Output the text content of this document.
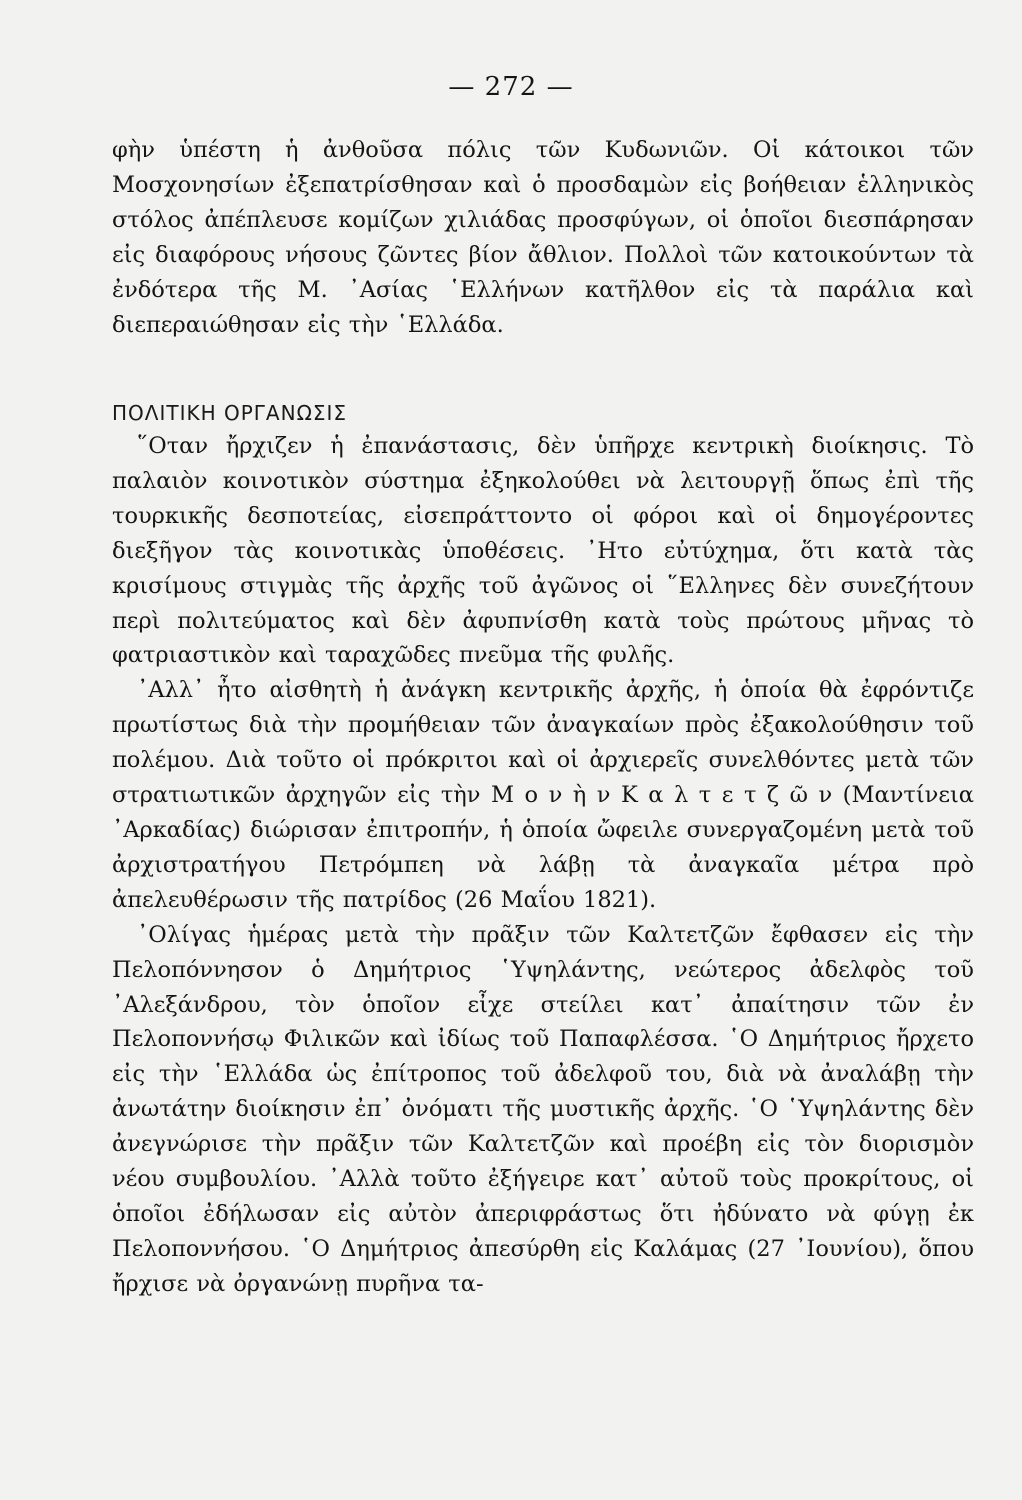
— 272 —

φὴν ὑπέστη ἡ ἀνθοῦσα πόλις τῶν Κυδωνιῶν. Οἱ κάτοικοι τῶν Μοσχονησίων ἐξεπατρίσθησαν καὶ ὁ προσδαμὼν εἰς βοήθειαν ἑλληνικὸς στόλος ἀπέπλευσε κομίζων χιλιάδας προσφύγων, οἱ ὁποῖοι διεσπάρησαν εἰς διαφόρους νήσους ζῶντες βίον ἄθλιον. Πολλοὶ τῶν κατοικούντων τὰ ἐνδότερα τῆς Μ. ᾿Ασίας ῾Ελλήνων κατῆλθον εἰς τὰ παράλια καὶ διεπεραιώθησαν εἰς τὴν ῾Ελλάδα.

ΠΟΛΙΤΙΚΗ ΟΡΓΑΝΩΣΙΣ

῞Οταν ἤρχιζεν ἡ ἐπανάστασις, δὲν ὑπῆρχε κεντρικὴ διοίκησις. Τὸ παλαιὸν κοινοτικὸν σύστημα ἐξηκολούθει νὰ λειτουργῇ ὅπως ἐπὶ τῆς τουρκικῆς δεσποτείας, εἰσεπράττοντο οἱ φόροι καὶ οἱ δημογέροντες διεξῆγον τὰς κοινοτικὰς ὑποθέσεις. ᾿Ητο εὐτύχημα, ὅτι κατὰ τὰς κρισίμους στιγμὰς τῆς ἀρχῆς τοῦ ἀγῶνος οἱ ῞Ελληνες δὲν συνεζήτουν περὶ πολιτεύματος καὶ δὲν ἀφυπνίσθη κατὰ τοὺς πρώτους μῆνας τὸ φατριαστικὸν καὶ ταραχῶδες πνεῦμα τῆς φυλῆς.

᾿Αλλ᾿ ἦτο αἰσθητὴ ἡ ἀνάγκη κεντρικῆς ἀρχῆς, ἡ ὁποία θὰ ἐφρόντιζε πρωτίστως διὰ τὴν προμήθειαν τῶν ἀναγκαίων πρὸς ἐξακολούθησιν τοῦ πολέμου. Διὰ τοῦτο οἱ πρόκριτοι καὶ οἱ ἀρχιερεῖς συνελθόντες μετὰ τῶν στρατιωτικῶν ἀρχηγῶν εἰς τὴν Μ ο ν ὴ ν Κ α λ τ ε τ ζ ῶ ν (Μαντίνεια ᾿Αρκαδίας) διώρισαν ἐπιτροπήν, ἡ ὁποία ὤφειλε συνεργαζομένη μετὰ τοῦ ἀρχιστρατήγου Πετρόμπεη νὰ λάβῃ τὰ ἀναγκαῖα μέτρα πρὸ ἀπελευθέρωσιν τῆς πατρίδος (26 Μαΐου 1821).

᾿Ολίγας ἡμέρας μετὰ τὴν πρᾶξιν τῶν Καλτετζῶν ἔφθασεν εἰς τὴν Πελοπόννησον ὁ Δημήτριος ῾Υψηλάντης, νεώτερος ἀδελφὸς τοῦ ᾿Αλεξάνδρου, τὸν ὁποῖον εἶχε στείλει κατ᾿ ἀπαίτησιν τῶν ἐν Πελοποννήσῳ Φιλικῶν καὶ ἰδίως τοῦ Παπαφλέσσα. ῾Ο Δημήτριος ἤρχετο εἰς τὴν ῾Ελλάδα ὡς ἐπίτροπος τοῦ ἀδελφοῦ του, διὰ νὰ ἀναλάβῃ τὴν ἀνωτάτην διοίκησιν ἐπ᾿ ὀνόματι τῆς μυστικῆς ἀρχῆς. ῾Ο ῾Υψηλάντης δὲν ἀνεγνώρισε τὴν πρᾶξιν τῶν Καλτετζῶν καὶ προέβη εἰς τὸν διορισμὸν νέου συμβουλίου. ᾿Αλλὰ τοῦτο ἐξήγειρε κατ᾿ αὐτοῦ τοὺς προκρίτους, οἱ ὁποῖοι ἐδήλωσαν εἰς αὐτὸν ἀπεριφράστως ὅτι ἠδύνατο νὰ φύγῃ ἐκ Πελοποννήσου. ῾Ο Δημήτριος ἀπεσύρθη εἰς Καλάμας (27 ᾿Ιουνίου), ὅπου ἤρχισε νὰ ὀργανώνῃ πυρῆνα τα-
